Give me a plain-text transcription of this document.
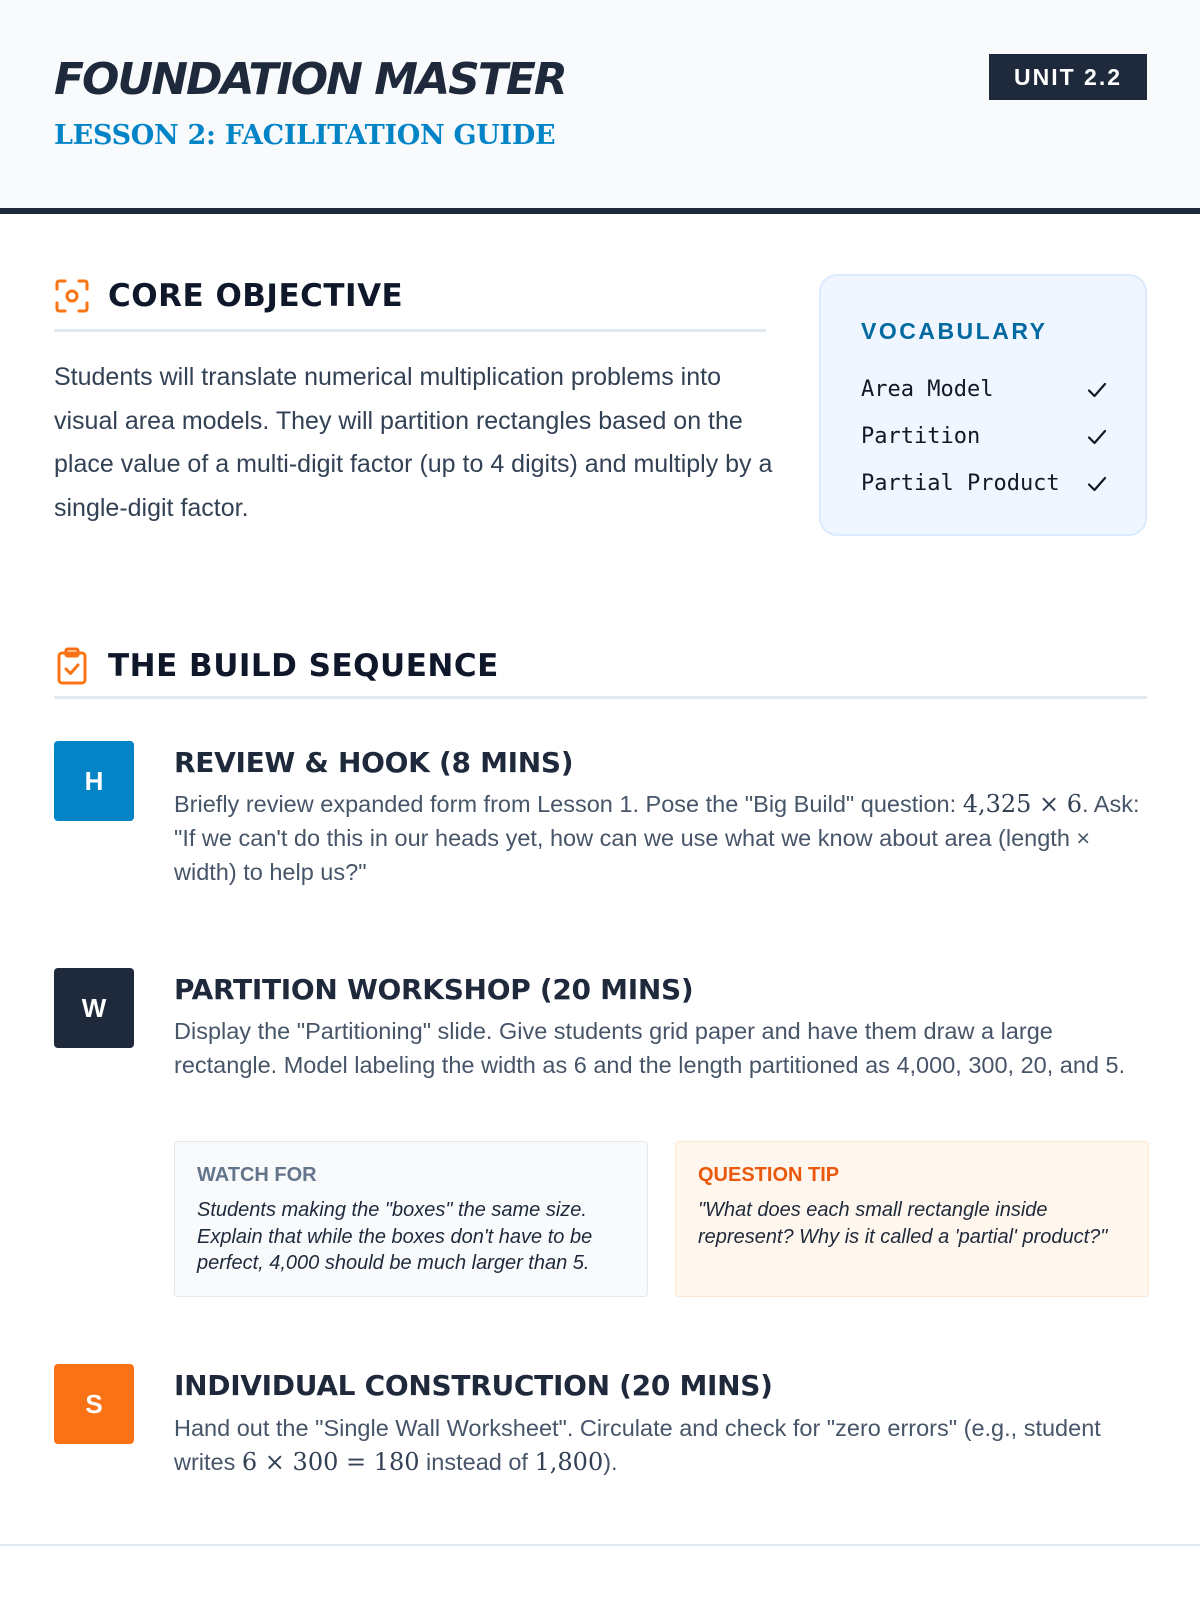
FOUNDATION MASTER
LESSON 2: FACILITATION GUIDE
UNIT 2.2
CORE OBJECTIVE

Students will translate numerical multiplication problems into visual area models. They will partition rectangles based on the place value of a multi-digit factor (up to 4 digits) and multiply by a single-digit factor.

VOCABULARY
Area Model
Partition
Partial Product
THE BUILD SEQUENCE
H
REVIEW & HOOK (8 MINS)

Briefly review expanded form from Lesson 1. Pose the "Big Build" question: 4,325 × 6. Ask: "If we can't do this in our heads yet, how can we use what we know about area (length × width) to help us?"

W
PARTITION WORKSHOP (20 MINS)

Display the "Partitioning" slide. Give students grid paper and have them draw a large rectangle. Model labeling the width as 6 and the length partitioned as 4,000, 300, 20, and 5.

WATCH FOR
Students making the "boxes" the same size. Explain that while the boxes don't have to be perfect, 4,000 should be much larger than 5.
QUESTION TIP
"What does each small rectangle inside represent? Why is it called a 'partial' product?"
S
INDIVIDUAL CONSTRUCTION (20 MINS)

Hand out the "Single Wall Worksheet". Circulate and check for "zero errors" (e.g., student writes 6 × 300 = 180 instead of 1,800).
